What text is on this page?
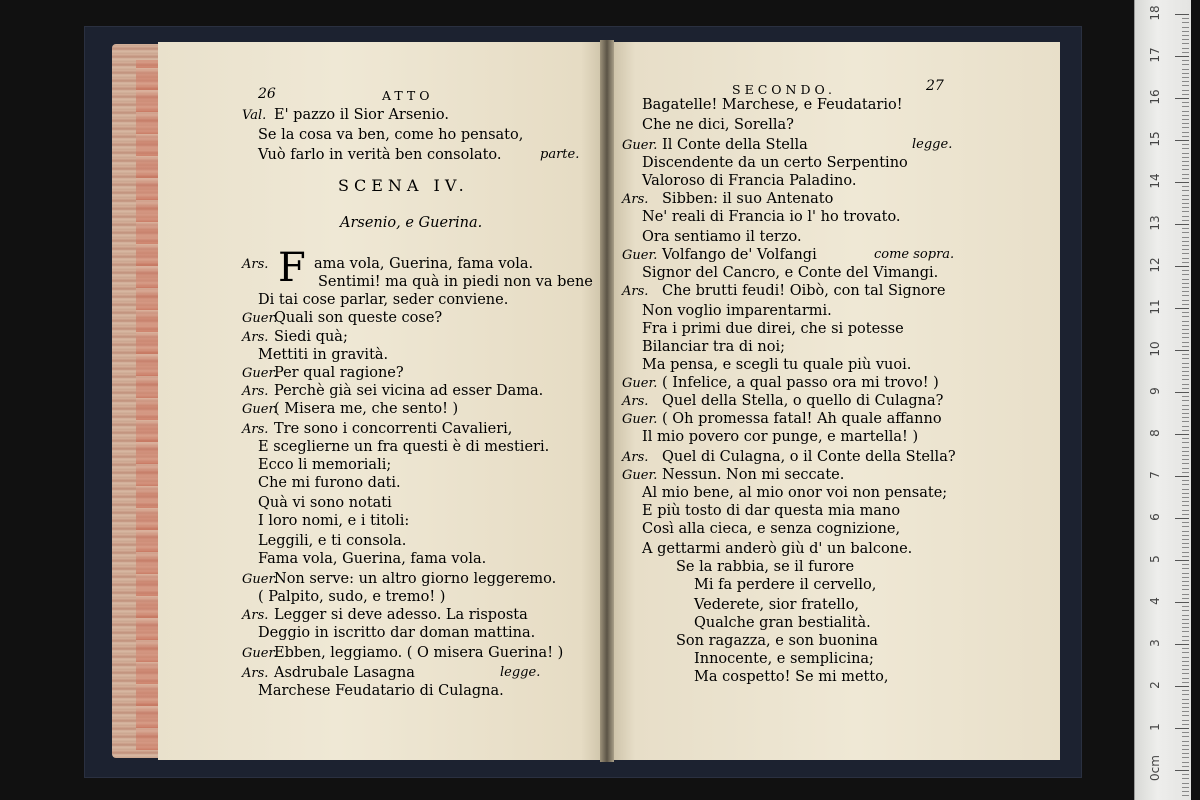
26	ATTO
Val. E' pazzo il Sior Arsenio.
Se la cosa va ben, come ho pensato,
Vuò farlo in verità ben consolato.	parte.
Ars.	ama vola, Guerina, fama vola.
Sentimi! ma quà in piedi non va bene
Di tai cose parlar, seder conviene.
Guer.
Quali son queste cose?
Ars. Siedi quà;
Mettiti in gravità.
Guer.
Per qual ragione?
Ars. Perchè già sei vicina ad esser Dama.
Guer.
( Misera me, che sento! )
Ars. Tre sono i concorrenti Cavalieri,
E sceglierne un fra questi è di mestieri.
Ecco li memoriali;
Che mi furono dati.
Quà vi sono notati
I loro nomi, e i titoli:
Leggili, e ti consola.
Fama vola, Guerina, fama vola.
Guer.
Non serve: un altro giorno leggeremo.
( Palpito, sudo, e tremo! )
Ars. Legger si deve adesso. La risposta
Deggio in iscritto dar doman mattina.
Guer.
Ebben, leggiamo. ( O misera Guerina! )
Ars. Asdrubale Lasagna	legge.
Marchese Feudatario di Culagna.
SCENA IV.
Arsenio, e Guerina.
F
SECONDO.	27
Bagatelle! Marchese, e Feudatario!
Che ne dici, Sorella?
Guer. Il Conte della Stella	legge.
Discendente da un certo Serpentino
Valoroso di Francia Paladino.
Ars. Sibben: il suo Antenato
Ne' reali di Francia io l' ho trovato.
Ora sentiamo il terzo.
Guer. Volfango de' Volfangi	come sopra.
Signor del Cancro, e Conte del Vimangi.
Ars. Che brutti feudi! Oibò, con tal Signore
Non voglio imparentarmi.
Fra i primi due direi, che si potesse
Bilanciar tra di noi;
Ma pensa, e scegli tu quale più vuoi.
Guer. ( Infelice, a qual passo ora mi trovo! )
Ars. Quel della Stella, o quello di Culagna?
Guer. ( Oh promessa fatal! Ah quale affanno
Il mio povero cor punge, e martella! )
Ars. Quel di Culagna, o il Conte della Stella?
Guer. Nessun. Non mi seccate.
Al mio bene, al mio onor voi non pensate;
E più tosto di dar questa mia mano
Così alla cieca, e senza cognizione,
A gettarmi anderò giù d' un balcone.
Se la rabbia, se il furore
Mi fa perdere il cervello,
Vederete, sior fratello,
Qualche gran bestialità.
Son ragazza, e son buonina
Innocente, e semplicina;
Ma cospetto! Se mi metto,
18
17
16
15
14
13
12
11
10
9
8
7
6
5
4
3
2
1
0cm
